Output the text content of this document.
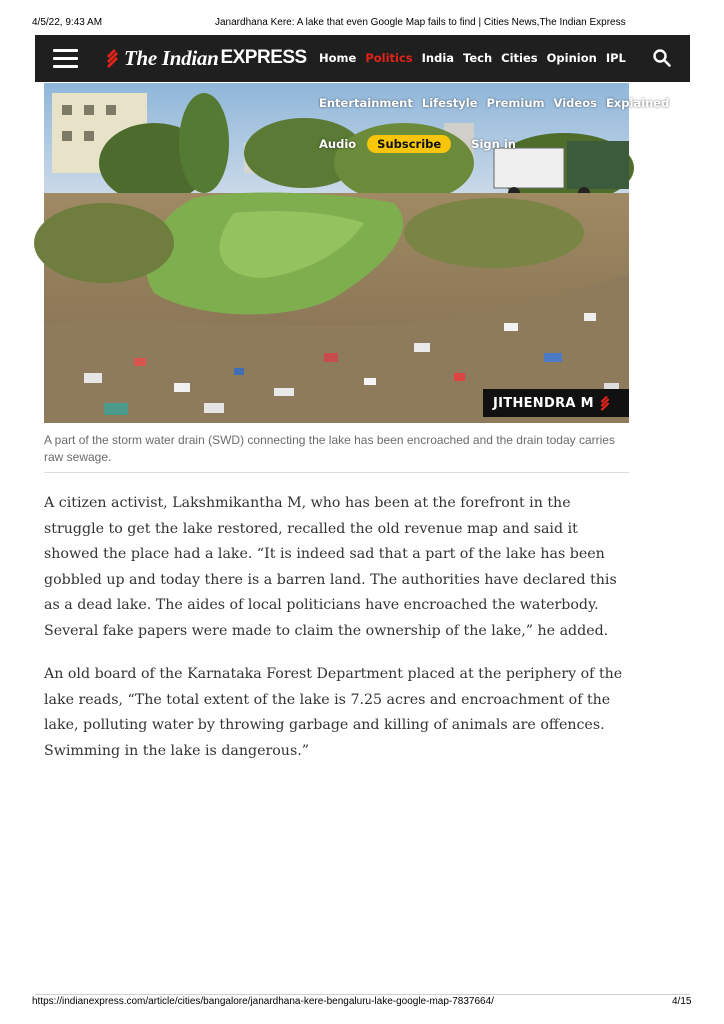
4/5/22, 9:43 AM	Janardhana Kere: A lake that even Google Map fails to find | Cities News,The Indian Express
The Indian EXPRESS Home Politics India Tech Cities Opinion IPL
Entertainment Lifestyle Premium Videos Explained
Audio	Subscribe	Sign in
JITHENDRA M
A part of the storm water drain (SWD) connecting the lake has been encroached and the drain today carries raw sewage.

A citizen activist, Lakshmikantha M, who has been at the forefront in the struggle to get the lake restored, recalled the old revenue map and said it showed the place had a lake. “It is indeed sad that a part of the lake has been gobbled up and today there is a barren land. The authorities have declared this as a dead lake. The aides of local politicians have encroached the waterbody. Several fake papers were made to claim the ownership of the lake,” he added.

An old board of the Karnataka Forest Department placed at the periphery of the lake reads, “The total extent of the lake is 7.25 acres and encroachment of the lake, polluting water by throwing garbage and killing of animals are offences. Swimming in the lake is dangerous.”

https://indianexpress.com/article/cities/bangalore/janardhana-kere-bengaluru-lake-google-map-7837664/	4/15
